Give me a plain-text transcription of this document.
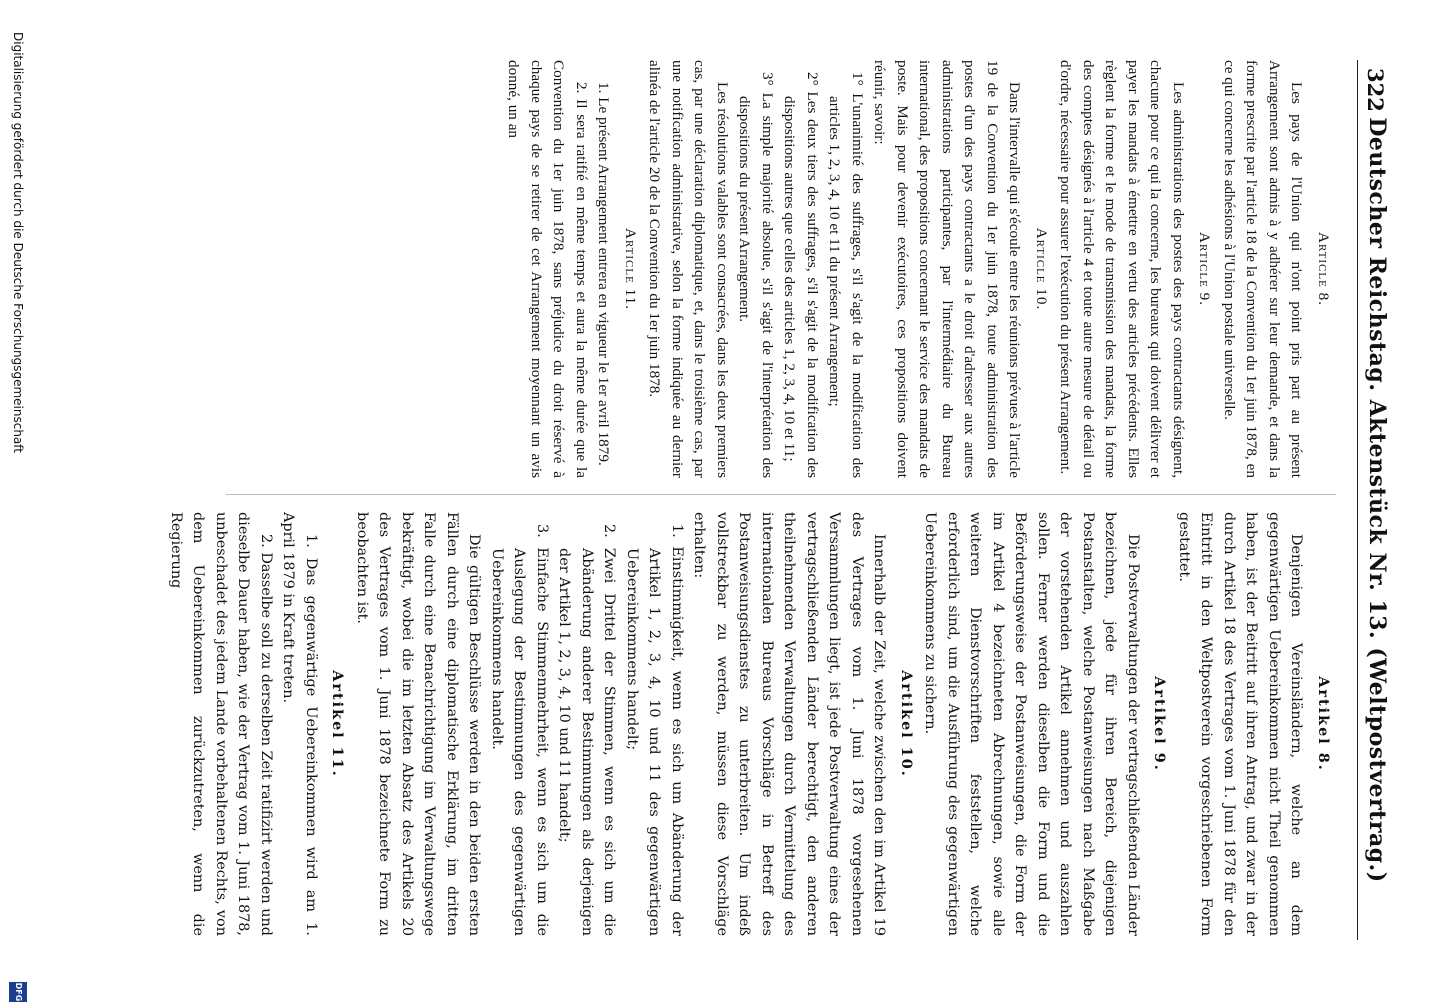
322
Deutscher Reichstag. Aktenstück Nr. 13. (Weltpostvertrag.)
Article 8.

Les pays de l'Union qui n'ont point pris part au présent Arrangement sont admis à y adhérer sur leur demande, et dans la forme prescrite par l'article 18 de la Convention du 1er juin 1878, en ce qui concerne les adhésions à l'Union postale universelle.

Article 9.

Les administrations des postes des pays contractants désignent, chacune pour ce qui la concerne, les bureaux qui doivent délivrer et payer les mandats à émettre en vertu des articles précédents. Elles règlent la forme et le mode de transmission des mandats, la forme des comptes désignés à l'article 4 et toute autre mesure de détail ou d'ordre, nécessaire pour assurer l'exécution du présent Arrangement.

Article 10.

Dans l'intervalle qui s'écoule entre les réunions prévues à l'article 19 de la Convention du 1er juin 1878, toute administration des postes d'un des pays contractants a le droit d'adresser aux autres administrations participantes, par l'intermédiaire du Bureau international, des propositions concernant le service des mandats de poste. Mais pour devenir exécutoires, ces propositions doivent réunir, savoir:

1° L'unanimité des suffrages, s'il s'agit de la modification des articles 1, 2, 3, 4, 10 et 11 du présent Arrangement;

2° Les deux tiers des suffrages, s'il s'agit de la modification des dispositions autres que celles des articles 1, 2, 3, 4, 10 et 11;

3° La simple majorité absolue, s'il s'agit de l'interprétation des dispositions du présent Arrangement.

Les résolutions valables sont consacrées, dans les deux premiers cas, par une déclaration diplomatique, et, dans le troisième cas, par une notification administrative, selon la forme indiquée au dernier alinéa de l'article 20 de la Convention du 1er juin 1878.

Article 11.

1. Le présent Arrangement entrera en vigueur le 1er avril 1879.

2. Il sera ratifié en même temps et aura la même durée que la Convention du 1er juin 1878, sans préjudice du droit réservé à chaque pays de se retirer de cet Arrangement moyennant un avis donné, un an

Artikel 8.

Denjenigen Vereinsländern, welche an dem gegenwärtigen Uebereinkommen nicht Theil genommen haben, ist der Beitritt auf ihren Antrag, und zwar in der durch Artikel 18 des Vertrages vom 1. Juni 1878 für den Eintritt in den Weltpostverein vorgeschriebenen Form gestattet.

Artikel 9.

Die Postverwaltungen der vertragschließenden Länder bezeichnen, jede für ihren Bereich, diejenigen Postanstalten, welche Postanweisungen nach Maßgabe der vorstehenden Artikel annehmen und auszahlen sollen. Ferner werden dieselben die Form und die Beförderungsweise der Postanweisungen, die Form der im Artikel 4 bezeichneten Abrechnungen, sowie alle weiteren Dienstvorschriften feststellen, welche erforderlich sind, um die Ausführung des gegenwärtigen Uebereinkommens zu sichern.

Artikel 10.

Innerhalb der Zeit, welche zwischen den im Artikel 19 des Vertrages vom 1. Juni 1878 vorgesehenen Versammlungen liegt, ist jede Postverwaltung eines der vertragschließenden Länder berechtigt, den anderen theilnehmenden Verwaltungen durch Vermittelung des internationalen Bureaus Vorschläge in Betreff des Postanweisungsdienstes zu unterbreiten. Um indeß vollstreckbar zu werden, müssen diese Vorschläge erhalten:

1. Einstimmigkeit, wenn es sich um Abänderung der Artikel 1, 2, 3, 4, 10 und 11 des gegenwärtigen Uebereinkommens handelt;

2. Zwei Drittel der Stimmen, wenn es sich um die Abänderung anderer Bestimmungen als derjenigen der Artikel 1, 2, 3, 4, 10 und 11 handelt;

3. Einfache Stimmenmehrheit, wenn es sich um die Auslegung der Bestimmungen des gegenwärtigen Uebereinkommens handelt.

Die gültigen Beschlüsse werden in den beiden ersten Fällen durch eine diplomatische Erklärung, im dritten Falle durch eine Benachrichtigung im Verwaltungswege bekräftigt, wobei die im letzten Absatz des Artikels 20 des Vertrages vom 1. Juni 1878 bezeichnete Form zu beobachten ist.

Artikel 11.

1. Das gegenwärtige Uebereinkommen wird am 1. April 1879 in Kraft treten.

2. Dasselbe soll zu derselben Zeit ratifizirt werden und dieselbe Dauer haben, wie der Vertrag vom 1. Juni 1878, unbeschadet des jedem Lande vorbehaltenen Rechts, von dem Uebereinkommen zurückzutreten, wenn die Regierung

Digitalisierung gefördert durch die Deutsche Forschungsgemeinschaft
DFG
